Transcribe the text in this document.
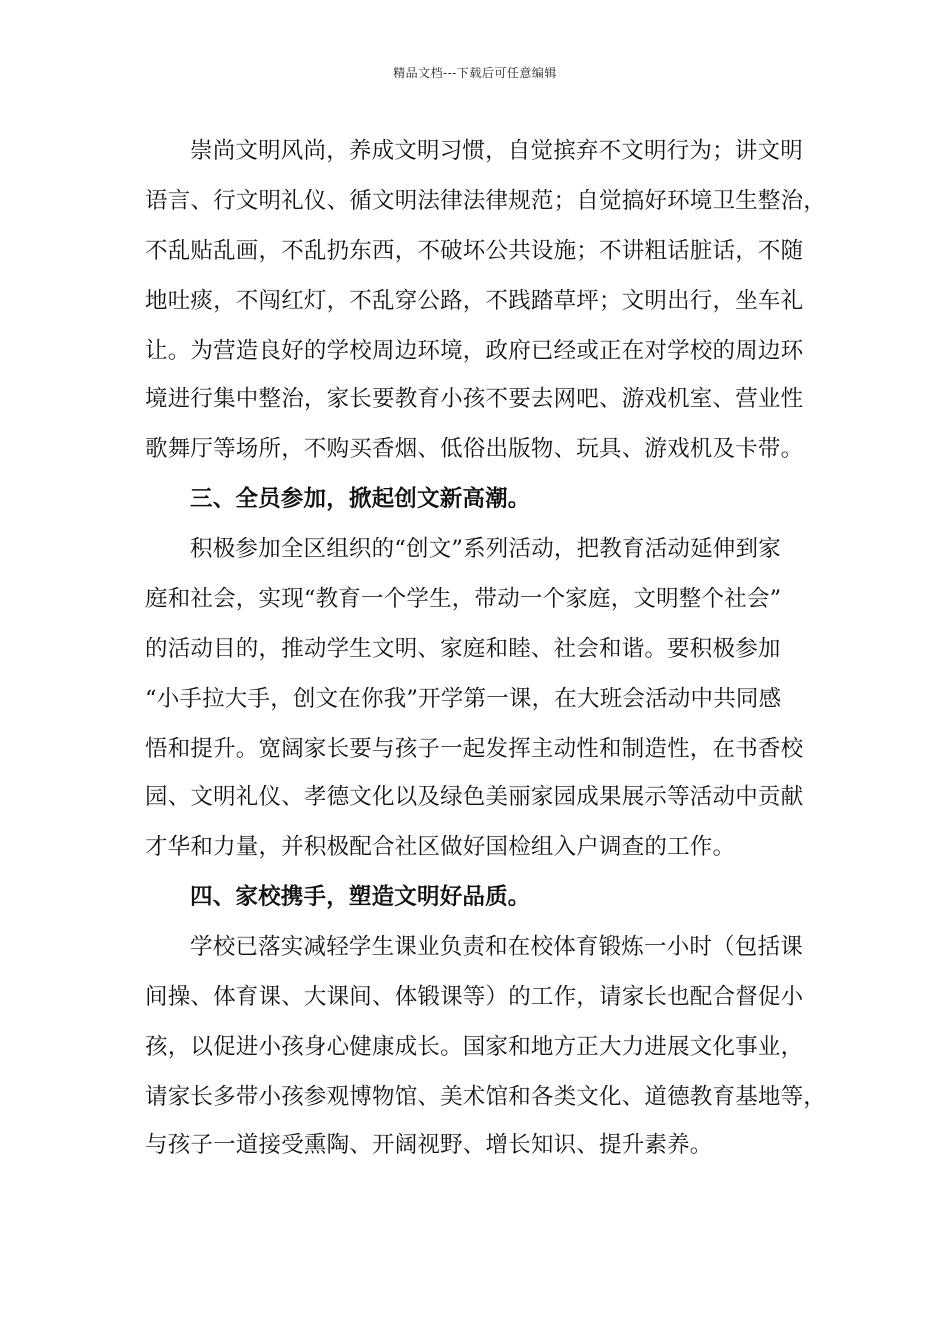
精品文档---下载后可任意编辑
崇尚文明风尚，养成文明习惯，自觉摈弃不文明行为；讲文明
语言、行文明礼仪、循文明法律法律规范；自觉搞好环境卫生整治，
不乱贴乱画，不乱扔东西，不破坏公共设施；不讲粗话脏话，不随
地吐痰，不闯红灯，不乱穿公路，不践踏草坪；文明出行，坐车礼
让。为营造良好的学校周边环境，政府已经或正在对学校的周边环
境进行集中整治，家长要教育小孩不要去网吧、游戏机室、营业性
歌舞厅等场所，不购买香烟、低俗出版物、玩具、游戏机及卡带。
三、全员参加，掀起创文新高潮。
积极参加全区组织的“创文”系列活动，把教育活动延伸到家
庭和社会，实现“教育一个学生，带动一个家庭，文明整个社会”
的活动目的，推动学生文明、家庭和睦、社会和谐。要积极参加
“小手拉大手，创文在你我”开学第一课，在大班会活动中共同感
悟和提升。宽阔家长要与孩子一起发挥主动性和制造性，在书香校
园、文明礼仪、孝德文化以及绿色美丽家园成果展示等活动中贡献
才华和力量，并积极配合社区做好国检组入户调查的工作。
四、家校携手，塑造文明好品质。
学校已落实减轻学生课业负责和在校体育锻炼一小时（包括课
间操、体育课、大课间、体锻课等）的工作，请家长也配合督促小
孩，以促进小孩身心健康成长。国家和地方正大力进展文化事业，
请家长多带小孩参观博物馆、美术馆和各类文化、道德教育基地等，
与孩子一道接受熏陶、开阔视野、增长知识、提升素养。
